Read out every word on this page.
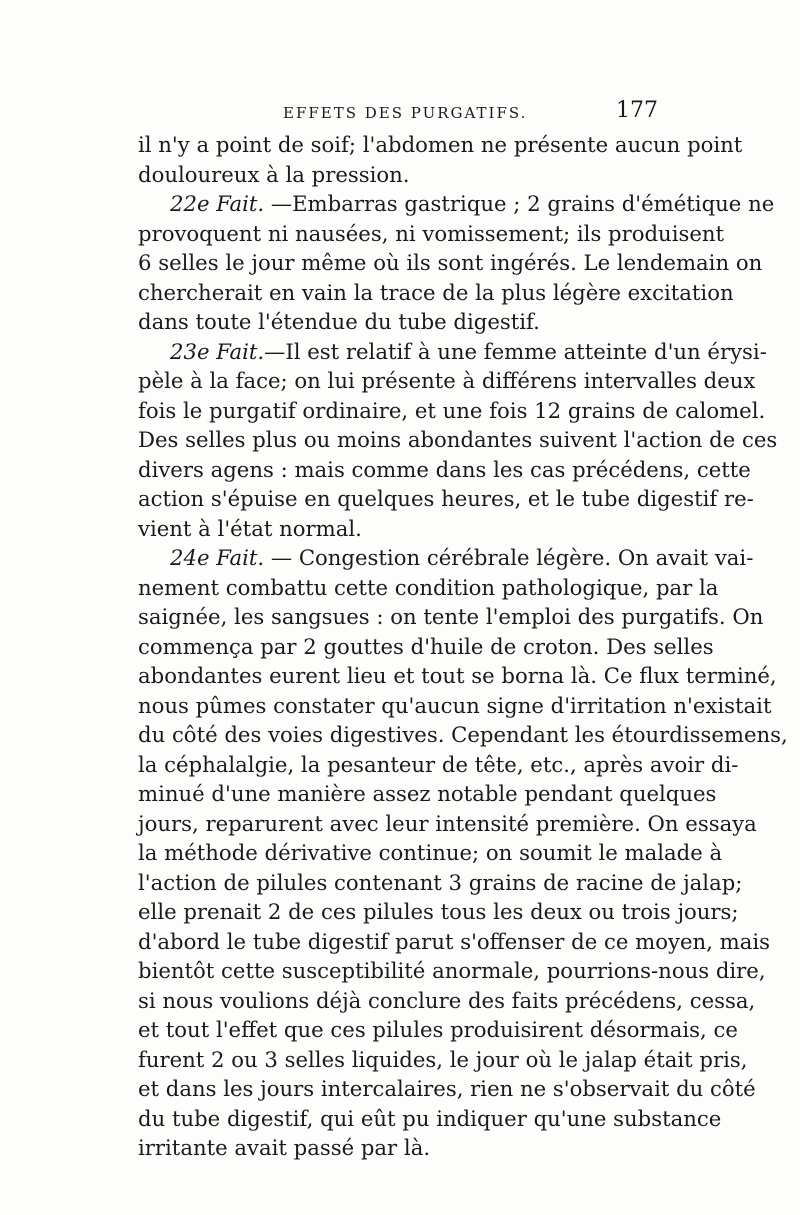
EFFETS DES PURGATIFS.	177
il n'y a point de soif; l'abdomen ne présente aucun point
douloureux à la pression.
22e Fait. —Embarras gastrique ; 2 grains d'émétique ne
provoquent ni nausées, ni vomissement; ils produisent
6 selles le jour même où ils sont ingérés. Le lendemain on
chercherait en vain la trace de la plus légère excitation
dans toute l'étendue du tube digestif.
23e Fait.—Il est relatif à une femme atteinte d'un érysi-
pèle à la face; on lui présente à différens intervalles deux
fois le purgatif ordinaire, et une fois 12 grains de calomel.
Des selles plus ou moins abondantes suivent l'action de ces
divers agens : mais comme dans les cas précédens, cette
action s'épuise en quelques heures, et le tube digestif re-
vient à l'état normal.
24e Fait. — Congestion cérébrale légère. On avait vai-
nement combattu cette condition pathologique, par la
saignée, les sangsues : on tente l'emploi des purgatifs. On
commença par 2 gouttes d'huile de croton. Des selles
abondantes eurent lieu et tout se borna là. Ce flux terminé,
nous pûmes constater qu'aucun signe d'irritation n'existait
du côté des voies digestives. Cependant les étourdissemens,
la céphalalgie, la pesanteur de tête, etc., après avoir di-
minué d'une manière assez notable pendant quelques
jours, reparurent avec leur intensité première. On essaya
la méthode dérivative continue; on soumit le malade à
l'action de pilules contenant 3 grains de racine de jalap;
elle prenait 2 de ces pilules tous les deux ou trois jours;
d'abord le tube digestif parut s'offenser de ce moyen, mais
bientôt cette susceptibilité anormale, pourrions-nous dire,
si nous voulions déjà conclure des faits précédens, cessa,
et tout l'effet que ces pilules produisirent désormais, ce
furent 2 ou 3 selles liquides, le jour où le jalap était pris,
et dans les jours intercalaires, rien ne s'observait du côté
du tube digestif, qui eût pu indiquer qu'une substance
irritante avait passé par là.
